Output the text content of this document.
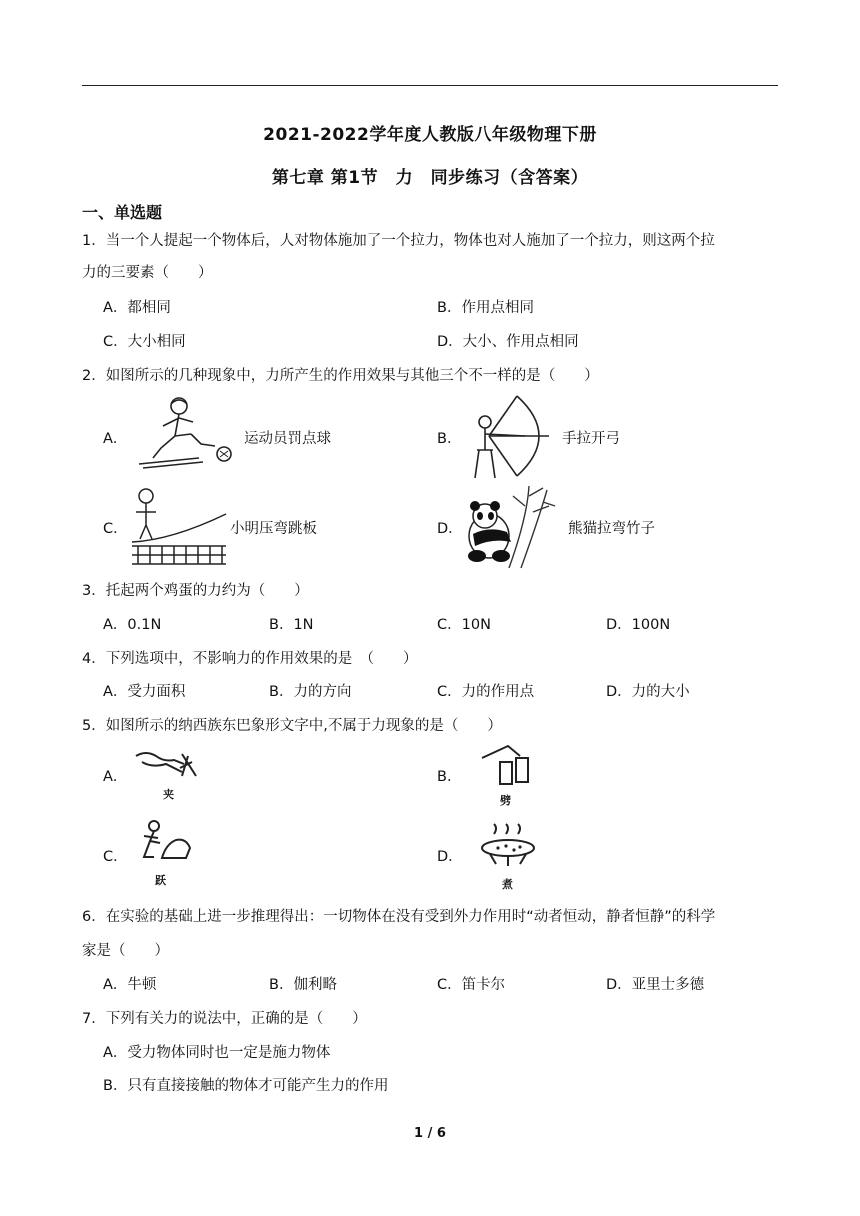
2021-2022学年度人教版八年级物理下册
第七章 第1节　力　同步练习（含答案）
一、单选题
1．当一个人提起一个物体后，人对物体施加了一个拉力，物体也对人施加了一个拉力，则这两个拉
力的三要素（　　）
A．都相同	B．作用点相同
C．大小相同	D．大小、作用点相同
2．如图所示的几种现象中，力所产生的作用效果与其他三个不一样的是（　　）
A．	运动员罚点球	B．	手拉开弓
C．	小明压弯跳板	D．	熊猫拉弯竹子
3．托起两个鸡蛋的力约为（　　）
A．0.1N	B．1N	C．10N	D．100N
4．下列选项中，不影响力的作用效果的是　（　　）
A．受力面积	B．力的方向	C．力的作用点	D．力的大小
5．如图所示的纳西族东巴象形文字中,不属于力现象的是（　　）
A．
夹
B．
劈
C．
跃
D．
煮
6．在实验的基础上进一步推理得出：一切物体在没有受到外力作用时“动者恒动，静者恒静”的科学
家是（　　）
A．牛顿	B．伽利略	C．笛卡尔	D．亚里士多德
7．下列有关力的说法中，正确的是（　　）
A．受力物体同时也一定是施力物体
B．只有直接接触的物体才可能产生力的作用
1 / 6
